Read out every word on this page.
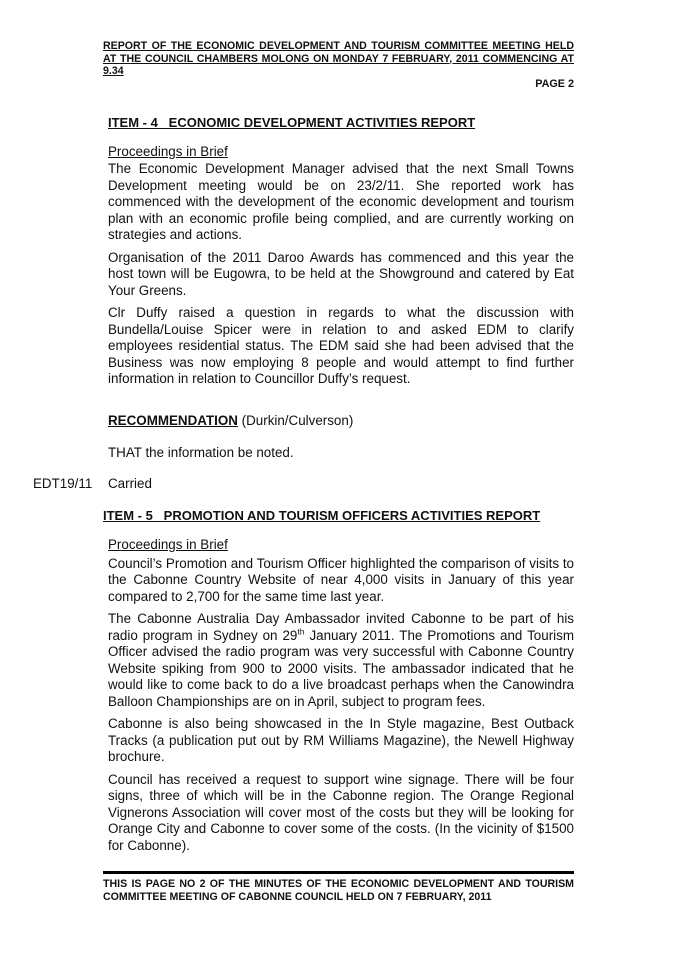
REPORT OF THE ECONOMIC DEVELOPMENT AND TOURISM COMMITTEE MEETING HELD AT THE COUNCIL CHAMBERS MOLONG ON MONDAY 7 FEBRUARY, 2011 COMMENCING AT 9.34
PAGE 2

ITEM - 4   ECONOMIC DEVELOPMENT ACTIVITIES REPORT

Proceedings in Brief

The Economic Development Manager advised that the next Small Towns Development meeting would be on 23/2/11. She reported work has commenced with the development of the economic development and tourism plan with an economic profile being complied, and are currently working on strategies and actions.

Organisation of the 2011 Daroo Awards has commenced and this year the host town will be Eugowra, to be held at the Showground and catered by Eat Your Greens.

Clr Duffy raised a question in regards to what the discussion with Bundella/Louise Spicer were in relation to and asked EDM to clarify employees residential status. The EDM said she had been advised that the Business was now employing 8 people and would attempt to find further information in relation to Councillor Duffy’s request.

RECOMMENDATION (Durkin/Culverson)
THAT the information be noted.
EDT19/11 Carried

ITEM - 5   PROMOTION AND TOURISM OFFICERS ACTIVITIES REPORT

Proceedings in Brief

Council’s Promotion and Tourism Officer highlighted the comparison of visits to the Cabonne Country Website of near 4,000 visits in January of this year compared to 2,700 for the same time last year.

The Cabonne Australia Day Ambassador invited Cabonne to be part of his radio program in Sydney on 29th January 2011. The Promotions and Tourism Officer advised the radio program was very successful with Cabonne Country Website spiking from 900 to 2000 visits. The ambassador indicated that he would like to come back to do a live broadcast perhaps when the Canowindra Balloon Championships are on in April, subject to program fees.

Cabonne is also being showcased in the In Style magazine, Best Outback Tracks (a publication put out by RM Williams Magazine), the Newell Highway brochure.

Council has received a request to support wine signage. There will be four signs, three of which will be in the Cabonne region. The Orange Regional Vignerons Association will cover most of the costs but they will be looking for Orange City and Cabonne to cover some of the costs. (In the vicinity of $1500 for Cabonne).

THIS IS PAGE NO 2 OF THE MINUTES OF THE ECONOMIC DEVELOPMENT AND TOURISM COMMITTEE MEETING OF CABONNE COUNCIL HELD ON 7 FEBRUARY, 2011
